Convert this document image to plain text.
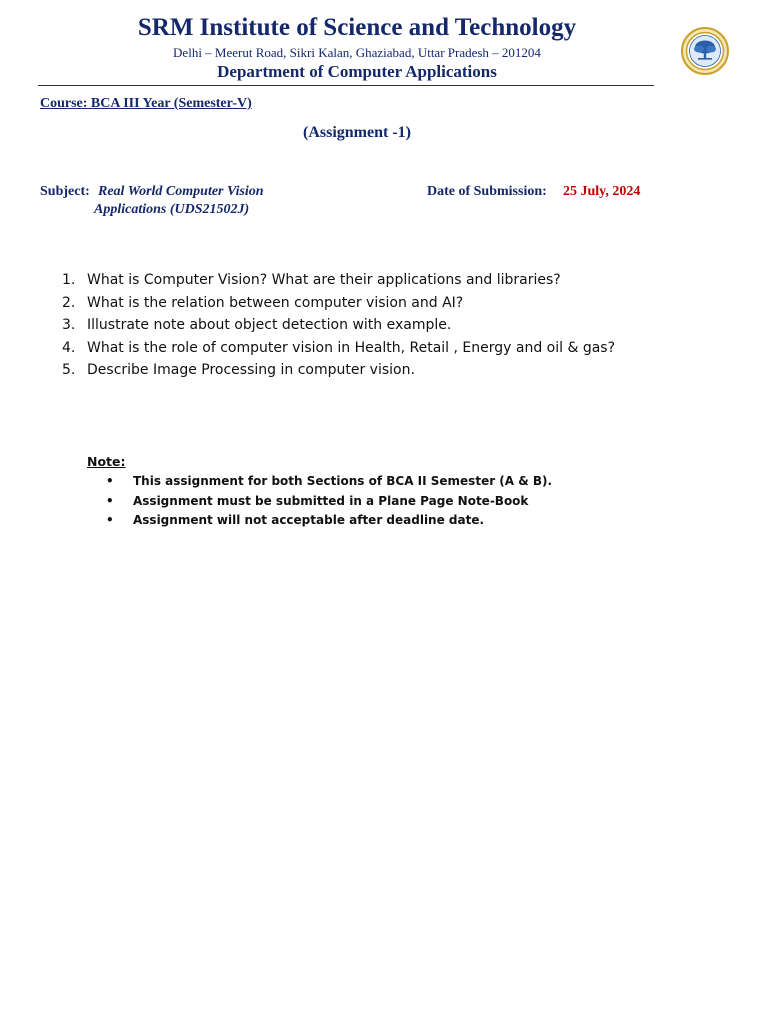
SRM Institute of Science and Technology
Delhi – Meerut Road, Sikri Kalan, Ghaziabad, Uttar Pradesh – 201204
Department of Computer Applications
Course: BCA III Year (Semester-V)
(Assignment -1)
Subject: Real World Computer Vision
Applications (UDS21502J)
Date of Submission: 25 July, 2024
1. What is Computer Vision? What are their applications and libraries?
2. What is the relation between computer vision and AI?
3. Illustrate note about object detection with example.
4. What is the role of computer vision in Health, Retail , Energy and oil & gas?
5. Describe Image Processing in computer vision.
Note:
• This assignment for both Sections of BCA II Semester (A & B).
• Assignment must be submitted in a Plane Page Note-Book
• Assignment will not acceptable after deadline date.
